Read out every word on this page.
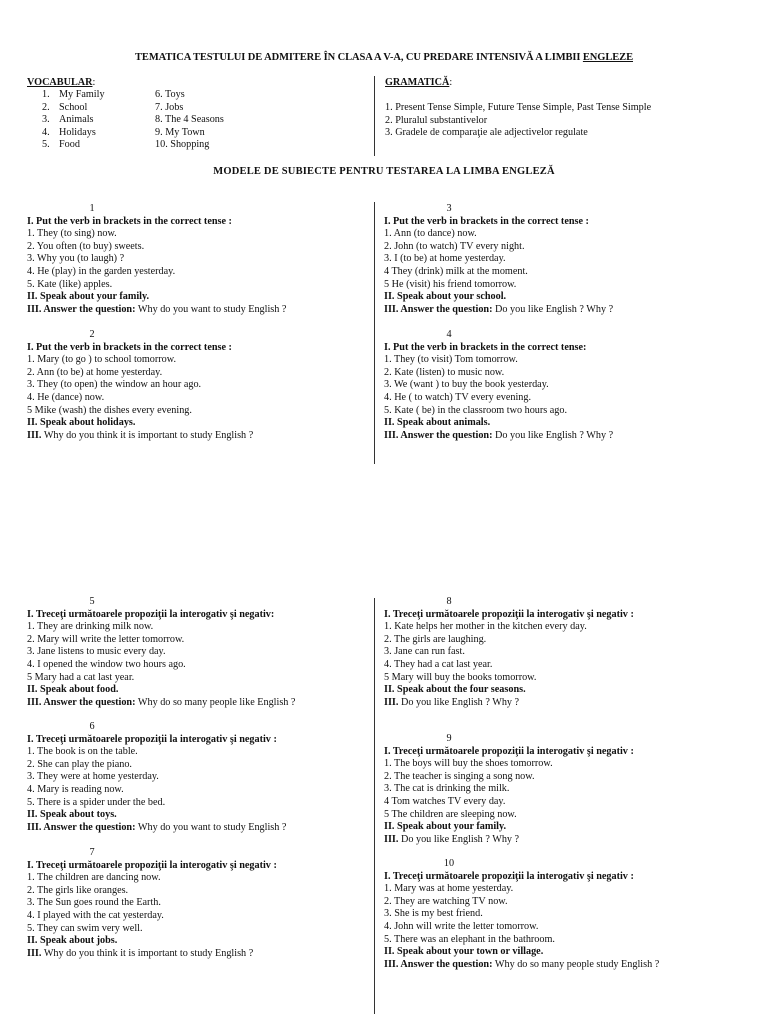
TEMATICA TESTULUI DE ADMITERE ÎN CLASA A V-A, CU PREDARE INTENSIVĂ A LIMBII ENGLEZE
VOCABULAR:
1. My Family
2. School
3. Animals
4. Holidays
5. Food
6. Toys
7. Jobs
8. The 4 Seasons
9. My Town
10. Shopping
GRAMATICĂ:
1. Present Tense Simple, Future Tense Simple, Past Tense Simple
2. Pluralul substantivelor
3. Gradele de comparaţie ale adjectivelor regulate
MODELE DE SUBIECTE PENTRU TESTAREA LA LIMBA ENGLEZĂ
1
I. Put the verb in brackets in the correct tense :
1. They (to sing) now.
2. You often (to buy) sweets.
3. Why you (to laugh) ?
4. He (play) in the garden yesterday.
5. Kate (like) apples.
II. Speak about your family.
III. Answer the question: Why do you want to study English ?
2
I. Put the verb in brackets in the correct tense :
1. Mary (to go ) to school tomorrow.
2. Ann (to be) at home yesterday.
3. They (to open) the window an hour ago.
4. He (dance) now.
5 Mike (wash) the dishes every evening.
II. Speak about holidays.
III. Why do you think it is important to study English ?
3
I. Put the verb in brackets in the correct tense :
1. Ann (to dance) now.
2. John (to watch) TV every night.
3. I (to be) at home yesterday.
4 They (drink) milk at the moment.
5 He (visit) his friend tomorrow.
II. Speak about your school.
III. Answer the question: Do you like English ? Why ?
4
I. Put the verb in brackets in the correct tense:
1. They (to visit) Tom tomorrow.
2. Kate (listen) to music now.
3. We (want ) to buy the book yesterday.
4. He ( to watch) TV every evening.
5. Kate ( be) in the classroom two hours ago.
II. Speak about animals.
III. Answer the question: Do you like English ? Why ?
5
I. Treceţi următoarele propoziţii la interogativ şi negativ:
1. They are drinking milk now.
2. Mary will write the letter tomorrow.
3. Jane listens to music every day.
4. I opened the window two hours ago.
5 Mary had a cat last year.
II. Speak about food.
III. Answer the question: Why do so many people like English ?
6
I. Treceţi următoarele propoziţii la interogativ şi negativ :
1. The book is on the table.
2. She can play the piano.
3. They were at home yesterday.
4. Mary is reading now.
5. There is a spider under the bed.
II. Speak about toys.
III. Answer the question: Why do you want to study English ?
7
I. Treceţi următoarele propoziţii la interogativ şi negativ :
1. The children are dancing now.
2. The girls like oranges.
3. The Sun goes round the Earth.
4. I played with the cat yesterday.
5. They can swim very well.
II. Speak about jobs.
III. Why do you think it is important to study English ?
8
I. Treceţi următoarele propoziţii la interogativ şi negativ :
1. Kate helps her mother in the kitchen every day.
2. The girls are laughing.
3. Jane can run fast.
4. They had a cat last year.
5 Mary will buy the books tomorrow.
II. Speak about the four seasons.
III. Do you like English ? Why ?
9
I. Treceţi următoarele propoziţii la interogativ şi negativ :
1. The boys will buy the shoes tomorrow.
2. The teacher is singing a song now.
3. The cat is drinking the milk.
4 Tom watches TV every day.
5 The children are sleeping now.
II. Speak about your family.
III. Do you like English ? Why ?
10
I. Treceţi următoarele propoziţii la interogativ şi negativ :
1. Mary was at home yesterday.
2. They are watching TV now.
3. She is my best friend.
4. John will write the letter tomorrow.
5. There was an elephant in the bathroom.
II. Speak about your town or village.
III. Answer the question: Why do so many people study English ?
